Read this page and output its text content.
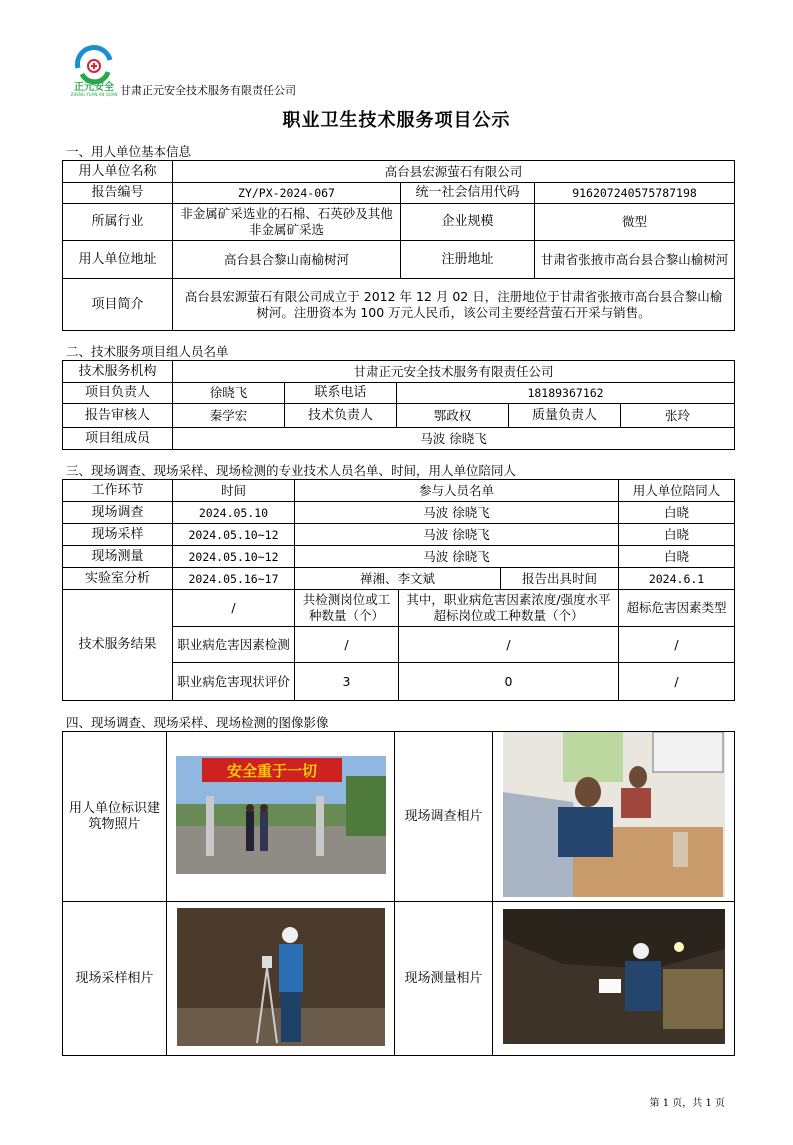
正元安全
ZHENG YUAN AN QUAN 甘肃正元安全技术服务有限责任公司
职业卫生技术服务项目公示
一、用人单位基本信息
用人单位名称	高台县宏源萤石有限公司		
报告编号	ZY/PX-2024-067	统一社会信用代码	91620724057578719​8
所属行业	非金属矿采选业的石棉、石英砂及其他非金属矿采选	企业规模	微型
用人单位地址	高台县合黎山南榆树河	注册地址	甘肃省张掖市高台县合黎山榆树河
项目简介	高台县宏源萤石有限公司成立于 2012 年 12 月 02 日，注册地位于甘肃省张掖市高台县合黎山榆树河。注册资本为 100 万元人民币，该公司主要经营萤石开采与销售。		
二、技术服务项目组人员名单
技术服务机构	甘肃正元安全技术服务有限责任公司				
项目负责人	徐晓飞	联系电话	18189367162		
报告审核人	秦学宏	技术负责人	鄂政权	质量负责人	张玲
项目组成员	马波 徐晓飞				
三、现场调查、现场采样、现场检测的专业技术人员名单、时间，用人单位陪同人
工作环节	时间	参与人员名单			用人单位陪同人
现场调查	2024.05.10	马波 徐晓飞			白晓
现场采样	2024.05.10~12	马波 徐晓飞			白晓
现场测量	2024.05.10~12	马波 徐晓飞			白晓
实验室分析	2024.05.16~17	禅湘、李文斌		报告出具时间	2024.6.1
技术服务结果	/	共检测岗位或工种数量（个）	其中，职业病危害因素浓度/强度水平超标岗位或工种数量（个）		超标危害因素类型
	职业病危害因素检测	/	/		/
	职业病危害现状评价	3	0		/
四、现场调查、现场采样、现场检测的图像影像
用人单位标识建筑物照片	安全重于一切	现场调查相片	
现场采样相片		现场测量相片	
第 1 页，共 1 页
